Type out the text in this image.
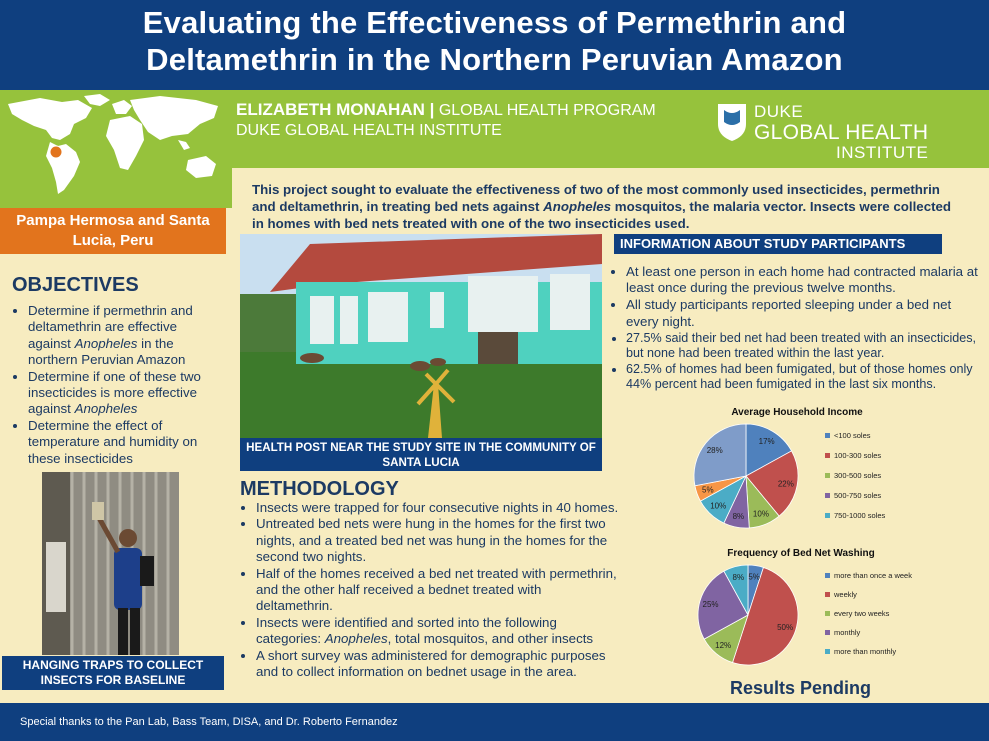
Evaluating the Effectiveness of Permethrin and
Deltamethrin in the Northern Peruvian Amazon
Pampa Hermosa and Santa Lucia, Peru
ELIZABETH MONAHAN | GLOBAL HEALTH PROGRAM
DUKE GLOBAL HEALTH INSTITUTE
DUKE
GLOBAL HEALTH
INSTITUTE
This project sought to evaluate the effectiveness of two of the most commonly used insecticides, permethrin and deltamethrin, in treating bed nets against Anopheles mosquitos, the malaria vector. Insects were collected in homes with bed nets treated with one of the two insecticides used.
OBJECTIVES
• Determine if permethrin and deltamethrin are effective against Anopheles in the northern Peruvian Amazon
• Determine if one of these two insecticides is more effective against Anopheles
• Determine the effect of temperature and humidity on these insecticides
HANGING TRAPS TO COLLECT INSECTS FOR BASELINE
HEALTH POST NEAR THE STUDY SITE IN THE COMMUNITY OF SANTA LUCIA
METHODOLOGY
• Insects were trapped for four consecutive nights in 40 homes.
• Untreated bed nets were hung in the homes for the first two nights, and a treated bed net was hung in the homes for the second two nights.
• Half of the homes received a bed net treated with permethrin, and the other half received a bednet treated with deltamethrin.
• Insects were identified and sorted into the following categories: Anopheles, total mosquitos, and other insects
• A short survey was administered for demographic purposes and to collect information on bednet usage in the area.
INFORMATION ABOUT STUDY PARTICIPANTS
• At least one person in each home had contracted malaria at least once during the previous twelve months.
• All study participants reported sleeping under a bed net every night.
• 27.5% said their bed net had been treated with an insecticides, but none had been treated within the last year.
• 62.5% of homes had been fumigated, but of those homes only 44% percent had been fumigated in the last six months.
Average Household Income
17%
22%
10%
8%
10%
5%
28%
<100 soles
100-300 soles
300-500 soles
500-750 soles
750-1000 soles
Frequency of Bed Net Washing
5%
50%
12%
25%
8%	more than once a week
weekly
every two weeks
monthly
more than monthly
Results Pending
Special thanks to the Pan Lab, Bass Team, DISA, and Dr. Roberto Fernandez
